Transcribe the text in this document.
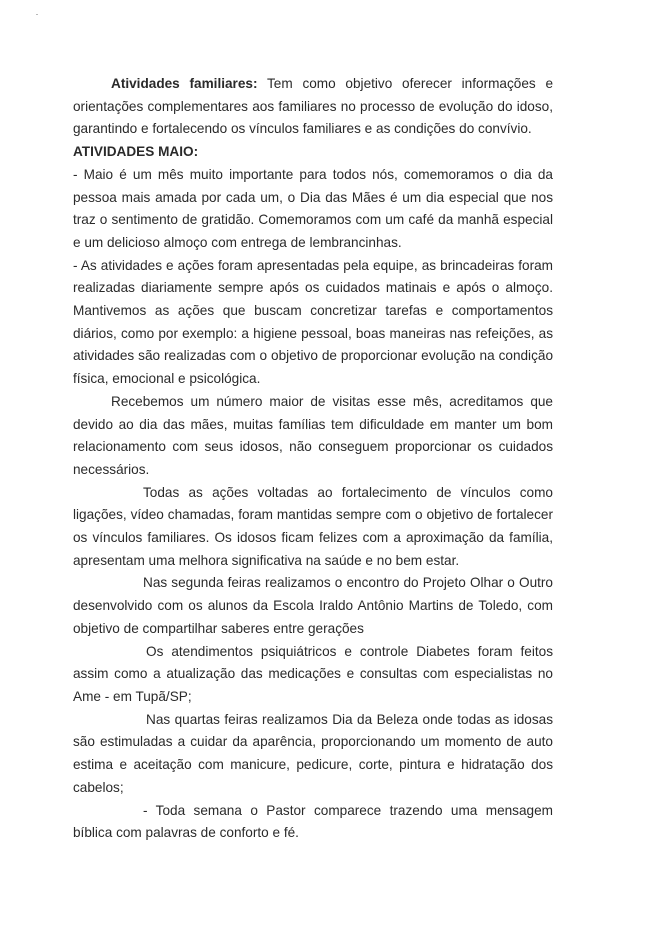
Atividades familiares: Tem como objetivo oferecer informações e orientações complementares aos familiares no processo de evolução do idoso, garantindo e fortalecendo os vínculos familiares e as condições do convívio.

ATIVIDADES MAIO:

- Maio é um mês muito importante para todos nós, comemoramos o dia da pessoa mais amada por cada um, o Dia das Mães é um dia especial que nos traz o sentimento de gratidão. Comemoramos com um café da manhã especial e um delicioso almoço com entrega de lembrancinhas.

- As atividades e ações foram apresentadas pela equipe, as brincadeiras foram realizadas diariamente sempre após os cuidados matinais e após o almoço. Mantivemos as ações que buscam concretizar tarefas e comportamentos diários, como por exemplo: a higiene pessoal, boas maneiras nas refeições, as atividades são realizadas com o objetivo de proporcionar evolução na condição física, emocional e psicológica.

Recebemos um número maior de visitas esse mês, acreditamos que devido ao dia das mães, muitas famílias tem dificuldade em manter um bom relacionamento com seus idosos, não conseguem proporcionar os cuidados necessários.

Todas as ações voltadas ao fortalecimento de vínculos como ligações, vídeo chamadas, foram mantidas sempre com o objetivo de fortalecer os vínculos familiares. Os idosos ficam felizes com a aproximação da família, apresentam uma melhora significativa na saúde e no bem estar.

Nas segunda feiras realizamos o encontro do Projeto Olhar o Outro desenvolvido com os alunos da Escola Iraldo Antônio Martins de Toledo, com objetivo de compartilhar saberes entre gerações

Os atendimentos psiquiátricos e controle Diabetes foram feitos assim como a atualização das medicações e consultas com especialistas no Ame - em Tupã/SP;

Nas quartas feiras realizamos Dia da Beleza onde todas as idosas são estimuladas a cuidar da aparência, proporcionando um momento de auto estima e aceitação com manicure, pedicure, corte, pintura e hidratação dos cabelos;

- Toda semana o Pastor comparece trazendo uma mensagem bíblica com palavras de conforto e fé.
